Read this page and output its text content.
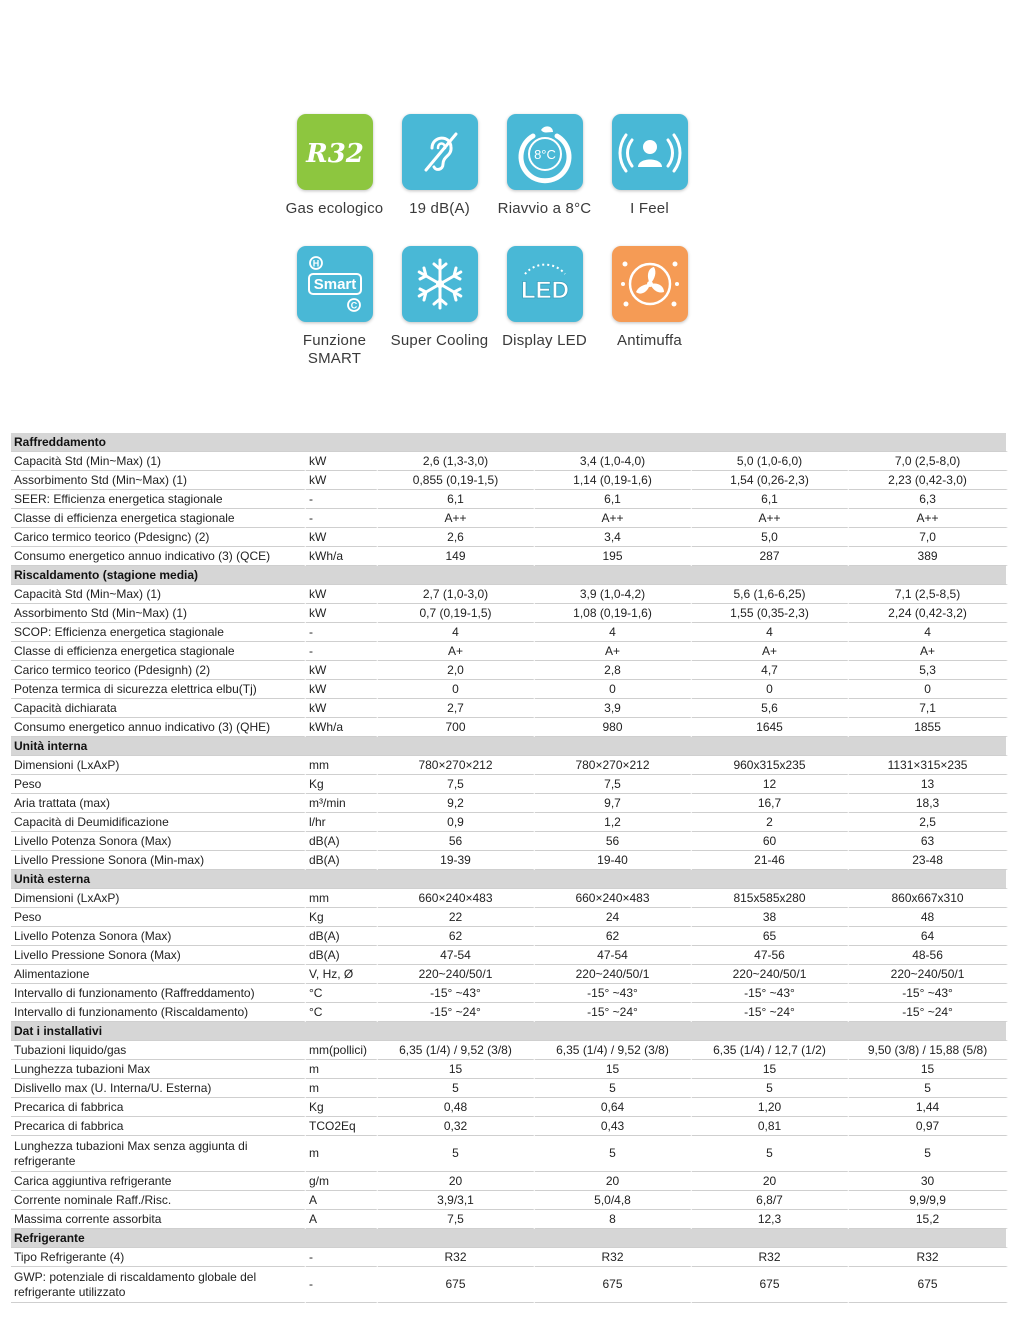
R32
Gas ecologico	19 dB(A)
8°C
Riavvio a 8°C	I Feel
H
Smart
C
Funzione SMART
Super Cooling
LED
Display LED	Antimuffa
Raffreddamento					
Capacità Std (Min~Max) (1)	kW	2,6 (1,3-3,0)	3,4 (1,0-4,0)	5,0 (1,0-6,0)	7,0 (2,5-8,0)
Assorbimento Std (Min~Max) (1)	kW	0,855 (0,19-1,5)	1,14 (0,19-1,6)	1,54 (0,26-2,3)	2,23 (0,42-3,0)
SEER: Efficienza energetica stagionale	-	6,1	6,1	6,1	6,3
Classe di efficienza energetica stagionale	-	A++	A++	A++	A++
Carico termico teorico (Pdesignc) (2)	kW	2,6	3,4	5,0	7,0
Consumo energetico annuo indicativo (3) (QCE)	kWh/a	149	195	287	389
Riscaldamento (stagione media)					
Capacità Std (Min~Max) (1)	kW	2,7 (1,0-3,0)	3,9 (1,0-4,2)	5,6 (1,6-6,25)	7,1 (2,5-8,5)
Assorbimento Std (Min~Max) (1)	kW	0,7 (0,19-1,5)	1,08 (0,19-1,6)	1,55 (0,35-2,3)	2,24 (0,42-3,2)
SCOP: Efficienza energetica stagionale	-	4	4	4	4
Classe di efficienza energetica stagionale	-	A+	A+	A+	A+
Carico termico teorico (Pdesignh) (2)	kW	2,0	2,8	4,7	5,3
Potenza termica di sicurezza elettrica elbu(Tj)	kW	0	0	0	0
Capacità dichiarata	kW	2,7	3,9	5,6	7,1
Consumo energetico annuo indicativo (3) (QHE)	kWh/a	700	980	1645	1855
Unità interna					
Dimensioni (LxAxP)	mm	780×270×212	780×270×212	960x315x235	1131×315×235
Peso	Kg	7,5	7,5	12	13
Aria trattata (max)	m³/min	9,2	9,7	16,7	18,3
Capacità di Deumidificazione	l/hr	0,9	1,2	2	2,5
Livello Potenza Sonora (Max)	dB(A)	56	56	60	63
Livello Pressione Sonora (Min-max)	dB(A)	19-39	19-40	21-46	23-48
Unità esterna					
Dimensioni (LxAxP)	mm	660×240×483	660×240×483	815x585x280	860x667x310
Peso	Kg	22	24	38	48
Livello Potenza Sonora (Max)	dB(A)	62	62	65	64
Livello Pressione Sonora (Max)	dB(A)	47-54	47-54	47-56	48-56
Alimentazione	V, Hz, Ø	220~240/50/1	220~240/50/1	220~240/50/1	220~240/50/1
Intervallo di funzionamento (Raffreddamento)	°C	-15° ~43°	-15° ~43°	-15° ~43°	-15° ~43°
Intervallo di funzionamento (Riscaldamento)	°C	-15° ~24°	-15° ~24°	-15° ~24°	-15° ~24°
Dat i installativi					
Tubazioni liquido/gas	mm(pollici)	6,35 (1/4) / 9,52 (3/8)	6,35 (1/4) / 9,52 (3/8)	6,35 (1/4) / 12,7 (1/2)	9,50 (3/8) / 15,88 (5/8)
Lunghezza tubazioni Max	m	15	15	15	15
Dislivello max (U. Interna/U. Esterna)	m	5	5	5	5
Precarica di fabbrica	Kg	0,48	0,64	1,20	1,44
Precarica di fabbrica	TCO2Eq	0,32	0,43	0,81	0,97
Lunghezza tubazioni Max senza aggiunta di refrigerante	m	5	5	5	5
Carica aggiuntiva refrigerante	g/m	20	20	20	30
Corrente nominale Raff./Risc.	A	3,9/3,1	5,0/4,8	6,8/7	9,9/9,9
Massima corrente assorbita	A	7,5	8	12,3	15,2
Refrigerante					
Tipo Refrigerante (4)	-	R32	R32	R32	R32
GWP: potenziale di riscaldamento globale del refrigerante utilizzato	-	675	675	675	675
